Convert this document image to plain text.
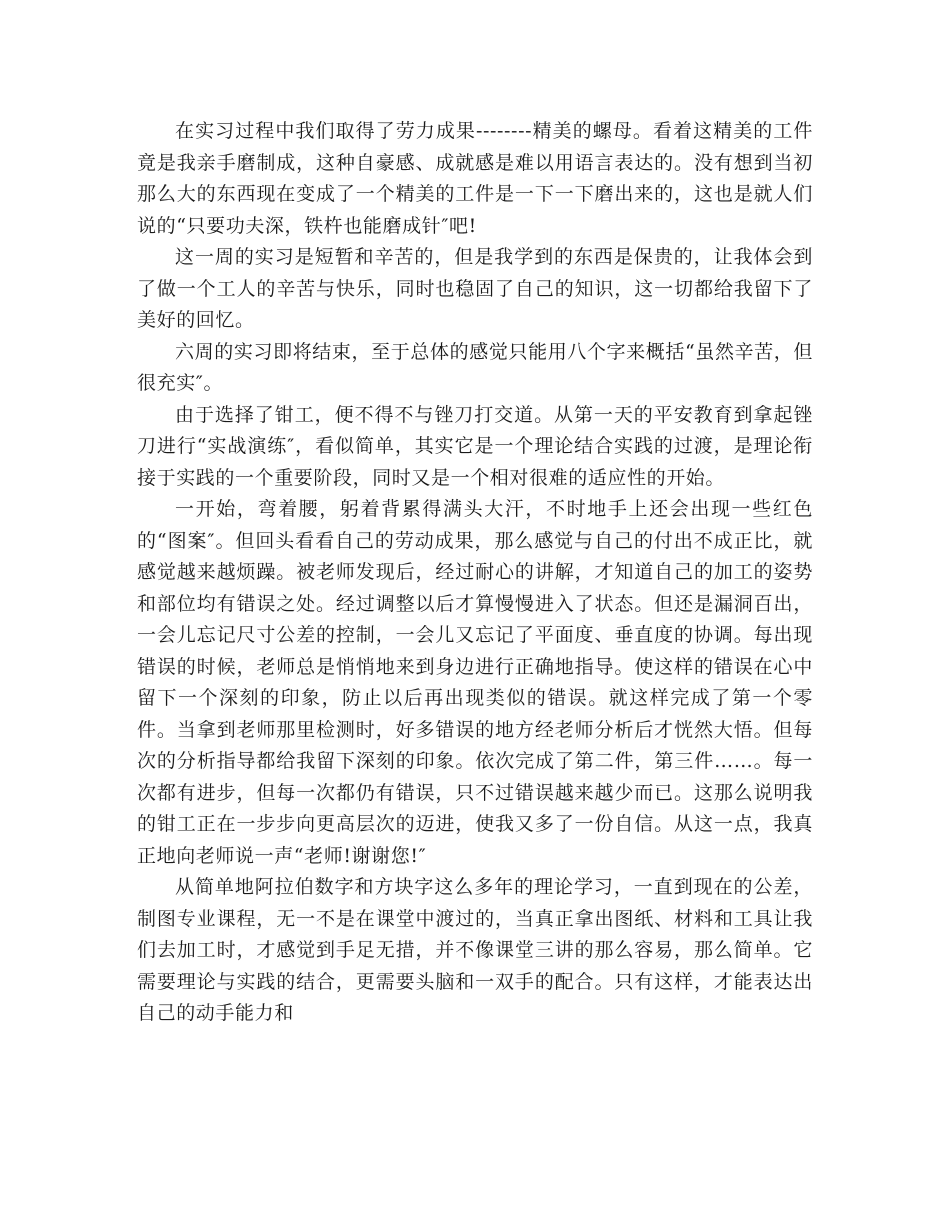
在实习过程中我们取得了劳力成果--------精美的螺母。看着这精美的工件竟是我亲手磨制成，这种自豪感、成就感是难以用语言表达的。没有想到当初那么大的东西现在变成了一个精美的工件是一下一下磨出来的，这也是就人们说的“只要功夫深，铁杵也能磨成针″吧!

这一周的实习是短暂和辛苦的，但是我学到的东西是保贵的，让我体会到了做一个工人的辛苦与快乐，同时也稳固了自己的知识，这一切都给我留下了美好的回忆。

六周的实习即将结束，至于总体的感觉只能用八个字来概括“虽然辛苦，但很充实″。

由于选择了钳工，便不得不与锉刀打交道。从第一天的平安教育到拿起锉刀进行“实战演练″，看似简单，其实它是一个理论结合实践的过渡，是理论衔接于实践的一个重要阶段，同时又是一个相对很难的适应性的开始。

一开始，弯着腰，躬着背累得满头大汗，不时地手上还会出现一些红色的“图案″。但回头看看自己的劳动成果，那么感觉与自己的付出不成正比，就感觉越来越烦躁。被老师发现后，经过耐心的讲解，才知道自己的加工的姿势和部位均有错误之处。经过调整以后才算慢慢进入了状态。但还是漏洞百出，一会儿忘记尺寸公差的控制，一会儿又忘记了平面度、垂直度的协调。每出现错误的时候，老师总是悄悄地来到身边进行正确地指导。使这样的错误在心中留下一个深刻的印象，防止以后再出现类似的错误。就这样完成了第一个零件。当拿到老师那里检测时，好多错误的地方经老师分析后才恍然大悟。但每次的分析指导都给我留下深刻的印象。依次完成了第二件，第三件……。每一次都有进步，但每一次都仍有错误，只不过错误越来越少而已。这那么说明我的钳工正在一步步向更高层次的迈进，使我又多了一份自信。从这一点，我真正地向老师说一声“老师!谢谢您!″

从简单地阿拉伯数字和方块字这么多年的理论学习，一直到现在的公差，制图专业课程，无一不是在课堂中渡过的，当真正拿出图纸、材料和工具让我们去加工时，才感觉到手足无措，并不像课堂三讲的那么容易，那么简单。它需要理论与实践的结合，更需要头脑和一双手的配合。只有这样，才能表达出自己的动手能力和
